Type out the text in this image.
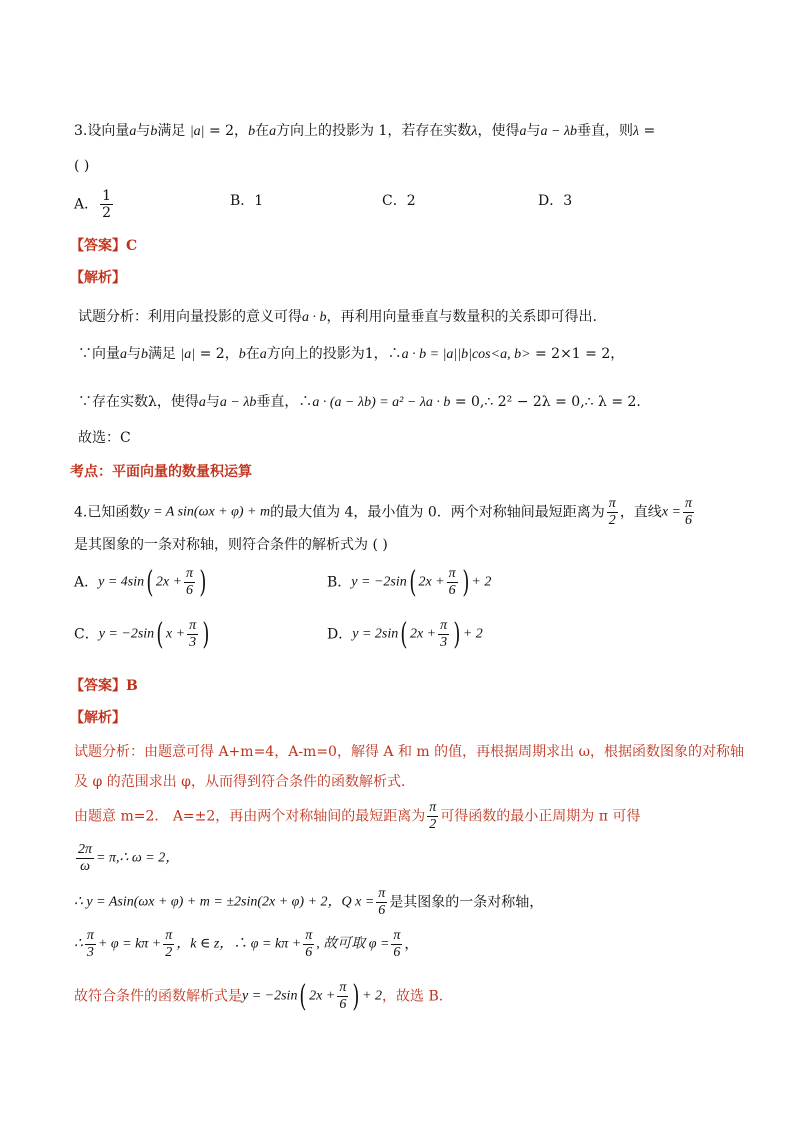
3.设向量a与b满足 |a| = 2，b在a方向上的投影为 1，若存在实数λ，使得a与a − λb垂直，则λ =
( )
A． $\frac{1}{2}$	B．1	C．2	D．3
【答案】C
【解析】
试题分析：利用向量投影的意义可得a · b，再利用向量垂直与数量积的关系即可得出.
∵向量a与b满足 |a| = 2，b在a方向上的投影为1，∴a · b = |a||b|cos<a, b> = 2×1 = 2，
∵存在实数λ，使得a与a − λb垂直，∴a · (a − λb) = a² − λa · b = 0,∴ 2² − 2λ = 0,∴ λ = 2.
故选：C
考点：平面向量的数量积运算
4.已知函数y = A sin(ωx + φ) + m的最大值为 4，最小值为 0．两个对称轴间最短距离为 $\frac{\pi}{2}$ ，直线$x = \frac{\pi}{6}$
是其图象的一条对称轴，则符合条件的解析式为 ( )
A．y = 4sin( $2x + \frac{\pi}{6}$ )	B．y = −2sin( $2x + \frac{\pi}{6}$ ) + 2
C．y = −2sin( $x + \frac{\pi}{3}$ )	D．y = 2sin( $2x + \frac{\pi}{3}$ ) + 2
【答案】B
【解析】
试题分析：由题意可得 A+m=4，A-m=0，解得 A 和 m 的值，再根据周期求出 ω，根据函数图象的对称轴
及 φ 的范围求出 φ，从而得到符合条件的函数解析式．
由题意 m=2． A=±2，再由两个对称轴间的最短距离为 $\frac{\pi}{2}$ 可得函数的最小正周期为 π 可得
$\frac{2\pi}{\omega}$ = π,∴ ω = 2，
∴ y = Asin(ωx + φ) + m = ±2sin(2x + φ) + 2，Q $x = \frac{\pi}{6}$ 是其图象的一条对称轴，
∴ $\frac{\pi}{3} + \varphi = k\pi + \frac{\pi}{2}$ ，k ∈ z，∴ $\varphi = k\pi + \frac{\pi}{6}$ , 故可取 $\varphi = \frac{\pi}{6}$ ，
故符合条件的函数解析式是y = −2sin( $2x + \frac{\pi}{6}$ ) + 2，故选 B.
